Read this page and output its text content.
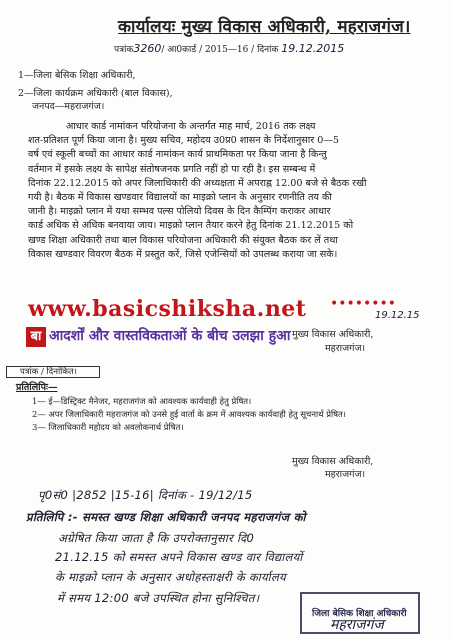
कार्यालयः मुख्य विकास अधिकारी, महराजगंज।
पत्रांक3260/ आ0कार्ड / 2015—16 / दिनांक 19.12.2015
1—जिला बेसिक शिक्षा अधिकारी,
2—जिला कार्यक्रम अधिकारी (बाल विकास),
जनपद—महराजगंज।
आधार कार्ड नामांकन परियोजना के अन्तर्गत माह मार्च, 2016 तक लक्ष्य
शत-प्रतिशत पूर्ण किया जाना है। मुख्य सचिव, महोदय उ0प्र0 शासन के निर्देशानुसार 0—5
वर्ष एवं स्कूली बच्चों का आधार कार्ड नामांकन कार्य प्राथमिकता पर किया जाना है किन्तु
वर्तमान में इसके लक्ष्य के सापेक्ष संतोषजनक प्रगति नहीं हो पा रही है। इस सम्बन्ध में
दिनांक 22.12.2015 को अपर जिलाधिकारी की अध्यक्षता में अपराह्न 12.00 बजे से बैठक रखी
गयी है। बैठक में विकास खण्डवार विद्यालयों का माइक्रो प्लान के अनुसार रणनीति तय की
जानी है। माइक्रो प्लान में यथा सम्भव पल्स पोलियो दिवस के दिन कैम्पिंग कराकर आधार
कार्ड अधिक से अधिक बनवाया जाय। माइक्रो प्लान तैयार करने हेतु दिनांक 21.12.2015 को
खण्ड शिक्षा अधिकारी तथा बाल विकास परियोजना अधिकारी की संयुक्त बैठक कर लें तथा
विकास खण्डवार विवरण बैठक में प्रस्तुत करें, जिसे एजेन्सियों को उपलब्ध कराया जा सके।
www.basicshiksha.net ••••••••
बा आदर्शों और वास्तविकताओं के बीच उलझा हुआ
19.12.15
मुख्य विकास अधिकारी,
महराजगंज।
पत्रांक / दिनांकित।
प्रतिलिपिः—
1— ई—डिस्ट्रिक्ट मैनेजर, महराजगंज को आवश्यक कार्यवाही हेतु प्रेषित।
2— अपर जिलाधिकारी महराजगंज को उनसे हुई वार्ता के क्रम में आवश्यक कार्यवाही हेतु सूचनार्थ प्रेषित।
3— जिलाधिकारी महोदय को अवलोकनार्थ प्रेषित।
मुख्य विकास अधिकारी,
महराजगंज।
पृ0सं0 |2852 |15-16| दिनांक - 19/12/15
प्रतिलिपि :- समस्त खण्ड शिक्षा अधिकारी जनपद महराजगंज को
अग्रेषित किया जाता है कि उपरोक्तानुसार दि0
21.12.15 को समस्त अपने विकास खण्ड वार विद्यालयों
के माइक्रो प्लान के अनुसार अधोहस्ताक्षरी के कार्यालय
में समय 12:00 बजे उपस्थित होना सुनिश्चित।
जिला बेसिक शिक्षा अधिकारी
महराजगंज
